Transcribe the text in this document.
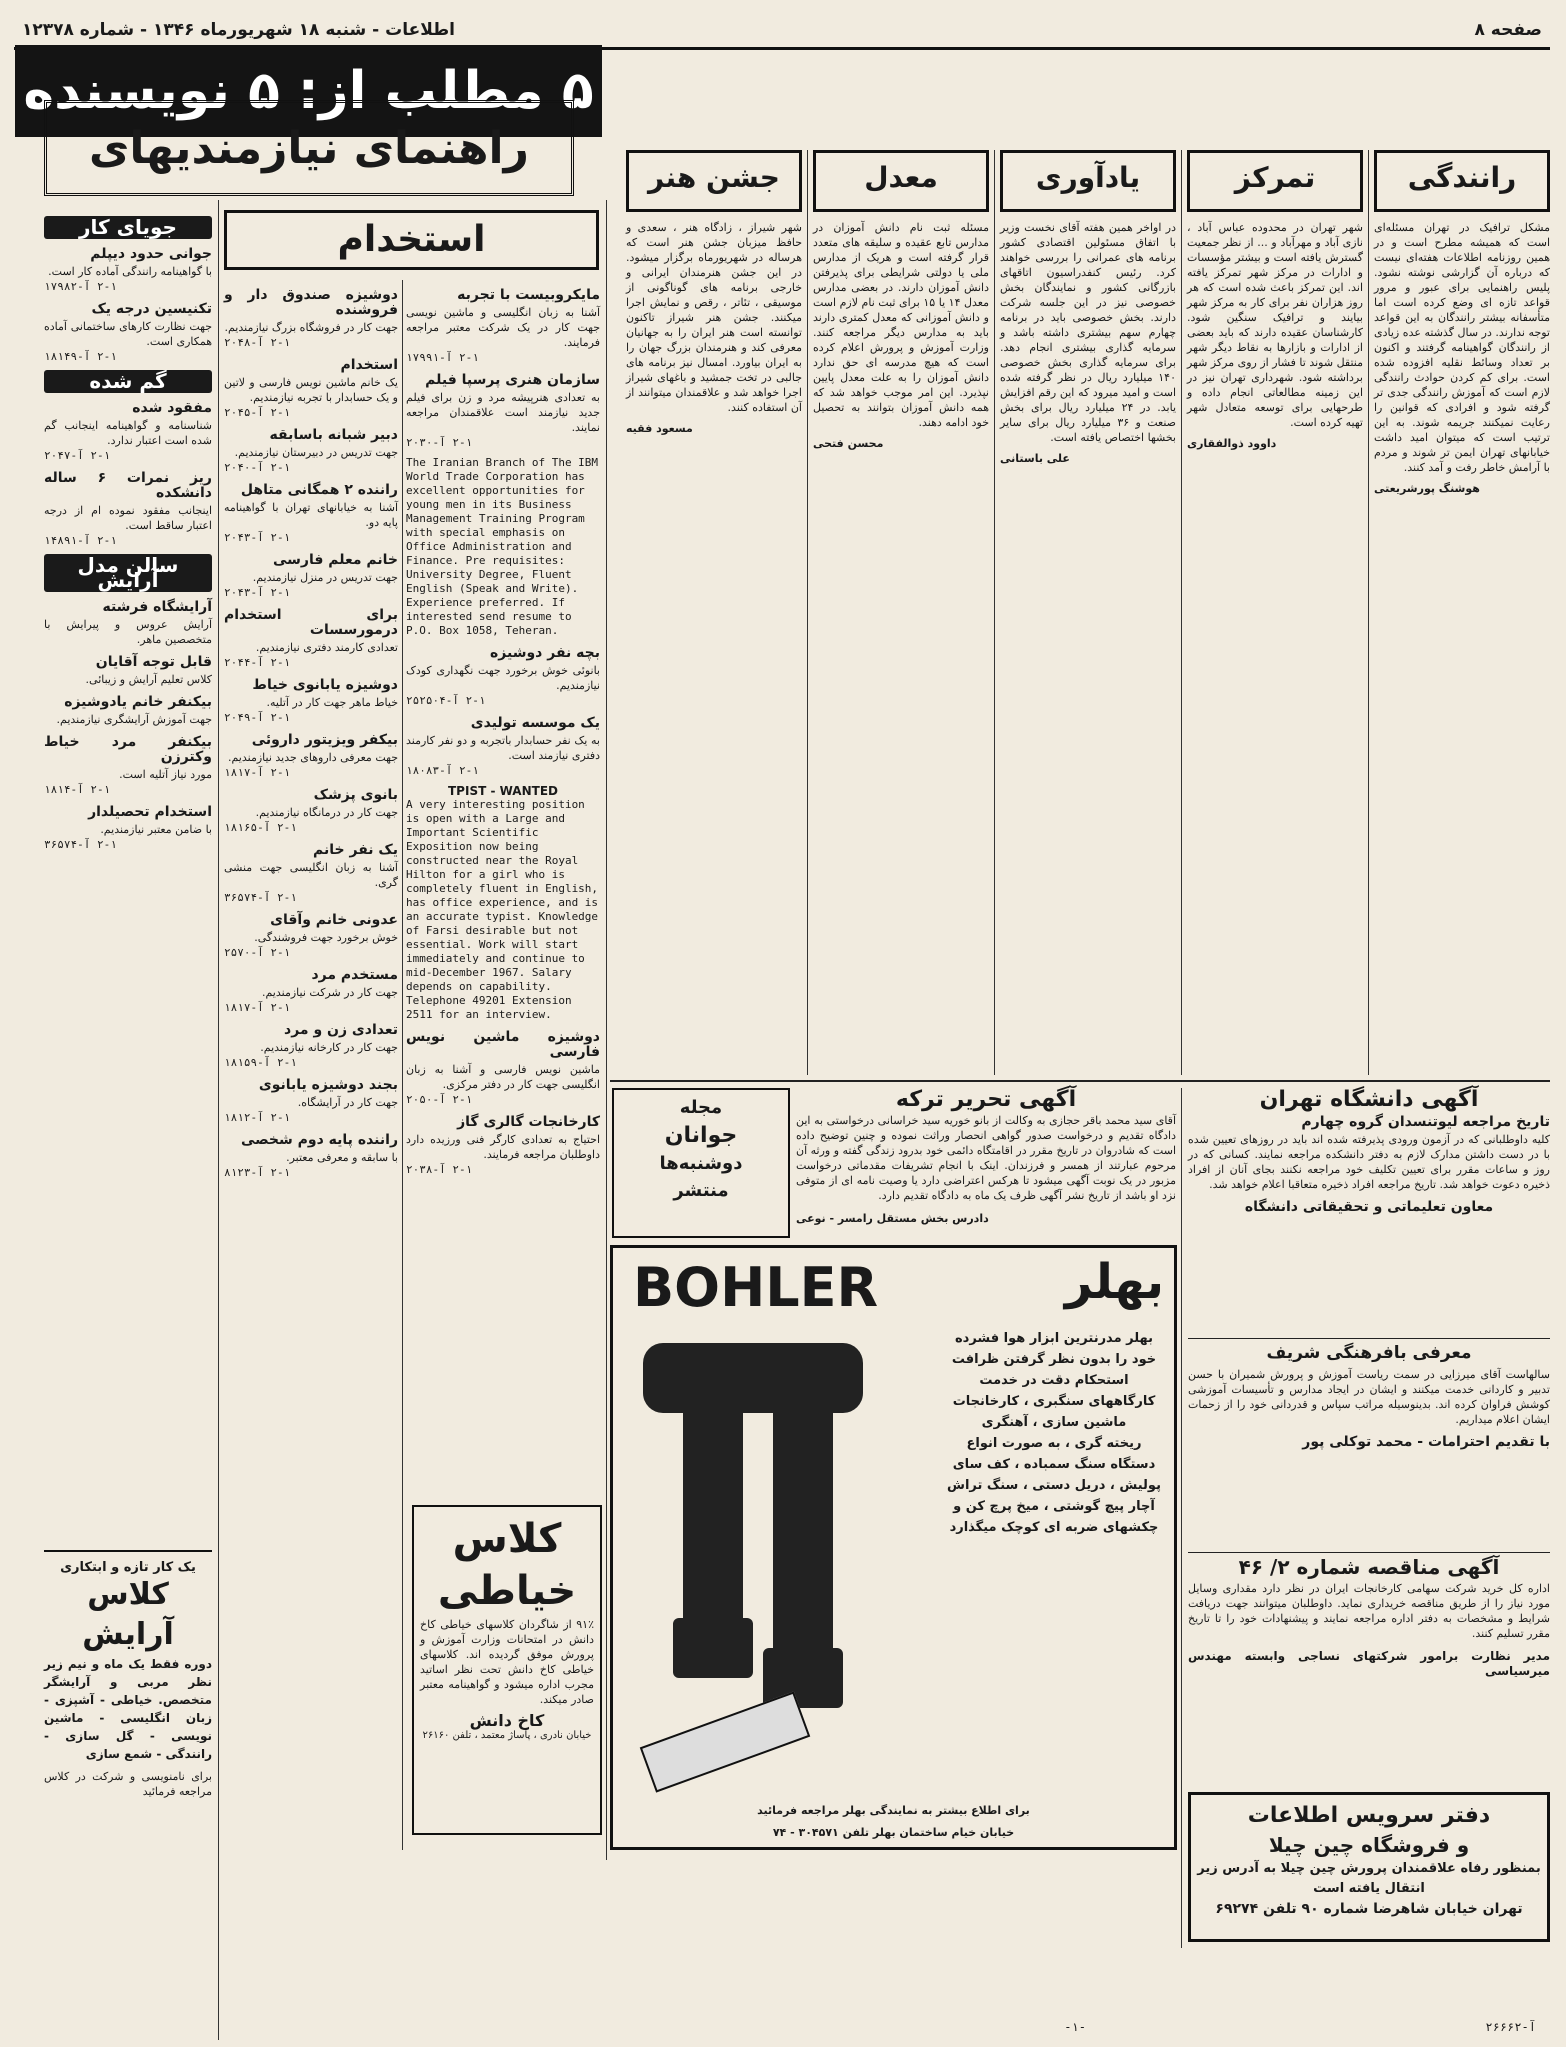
صفحه ۸
اطلاعات - شنبه ۱۸ شهریورماه ۱۳۴۶ - شماره ۱۲۳۷۸
۵ مطلب از: ۵ نویسنده
راهنمای نیازمندیهای
رانندگی
مشکل ترافیک در تهران مسئله‌ای است که همیشه مطرح است و در همین روزنامه اطلاعات هفته‌ای نیست که درباره آن گزارشی نوشته نشود. پلیس راهنمایی برای عبور و مرور قواعد تازه ای وضع کرده است اما متأسفانه بیشتر رانندگان به این قواعد توجه ندارند. در سال گذشته عده زیادی از رانندگان گواهینامه گرفتند و اکنون بر تعداد وسائط نقلیه افزوده شده است. برای کم کردن حوادث رانندگی لازم است که آموزش رانندگی جدی تر گرفته شود و افرادی که قوانین را رعایت نمیکنند جریمه شوند. به این ترتیب است که میتوان امید داشت خیابانهای تهران ایمن تر شوند و مردم با آرامش خاطر رفت و آمد کنند.
هوشنگ پورشریعتی
تمرکز
شهر تهران در محدوده عباس آباد ، نازی آباد و مهرآباد و ... از نظر جمعیت گسترش یافته است و بیشتر مؤسسات و ادارات در مرکز شهر تمرکز یافته اند. این تمرکز باعث شده است که هر روز هزاران نفر برای کار به مرکز شهر بیایند و ترافیک سنگین شود. کارشناسان عقیده دارند که باید بعضی از ادارات و بازارها به نقاط دیگر شهر منتقل شوند تا فشار از روی مرکز شهر برداشته شود. شهرداری تهران نیز در این زمینه مطالعاتی انجام داده و طرحهایی برای توسعه متعادل شهر تهیه کرده است.
داوود ذوالفقاری
یادآوری
در اواخر همین هفته آقای نخست وزیر با اتفاق مسئولین اقتصادی کشور برنامه های عمرانی را بررسی خواهند کرد. رئیس کنفدراسیون اتاقهای بازرگانی کشور و نمایندگان بخش خصوصی نیز در این جلسه شرکت دارند. بخش خصوصی باید در برنامه چهارم سهم بیشتری داشته باشد و سرمایه گذاری بیشتری انجام دهد. برای سرمایه گذاری بخش خصوصی ۱۴۰ میلیارد ریال در نظر گرفته شده است و امید میرود که این رقم افزایش یابد. در ۲۴ میلیارد ریال برای بخش صنعت و ۳۶ میلیارد ریال برای سایر بخشها اختصاص یافته است.
علی باستانی
معدل
مسئله ثبت نام دانش آموزان در مدارس تابع عقیده و سلیقه های متعدد قرار گرفته است و هریک از مدارس ملی یا دولتی شرایطی برای پذیرفتن دانش آموزان دارند. در بعضی مدارس معدل ۱۴ یا ۱۵ برای ثبت نام لازم است و دانش آموزانی که معدل کمتری دارند باید به مدارس دیگر مراجعه کنند. وزارت آموزش و پرورش اعلام کرده است که هیچ مدرسه ای حق ندارد دانش آموزان را به علت معدل پایین نپذیرد. این امر موجب خواهد شد که همه دانش آموزان بتوانند به تحصیل خود ادامه دهند.
محسن فتحی
جشن هنر
شهر شیراز ، زادگاه هنر ، سعدی و حافظ میزبان جشن هنر است که هرساله در شهریورماه برگزار میشود. در این جشن هنرمندان ایرانی و خارجی برنامه های گوناگونی از موسیقی ، تئاتر ، رقص و نمایش اجرا میکنند. جشن هنر شیراز تاکنون توانسته است هنر ایران را به جهانیان معرفی کند و هنرمندان بزرگ جهان را به ایران بیاورد. امسال نیز برنامه های جالبی در تخت جمشید و باغهای شیراز اجرا خواهد شد و علاقمندان میتوانند از آن استفاده کنند.
مسعود فقیه
آگهی دانشگاه تهران
تاریخ مراجعه لیوتنسدان گروه چهارم
کلیه داوطلبانی که در آزمون ورودی پذیرفته شده اند باید در روزهای تعیین شده با در دست داشتن مدارک لازم به دفتر دانشکده مراجعه نمایند. کسانی که در روز و ساعات مقرر برای تعیین تکلیف خود مراجعه نکنند بجای آنان از افراد ذخیره دعوت خواهد شد. تاریخ مراجعه افراد ذخیره متعاقبا اعلام خواهد شد.
معاون تعلیماتی و تحقیقاتی دانشگاه
معرفی بافرهنگی شریف
سالهاست آقای میرزایی در سمت ریاست آموزش و پرورش شمیران با حسن تدبیر و کاردانی خدمت میکنند و ایشان در ایجاد مدارس و تأسیسات آموزشی کوشش فراوان کرده اند. بدینوسیله مراتب سپاس و قدردانی خود را از زحمات ایشان اعلام میداریم.
با تقدیم احترامات - محمد توکلی پور
آگهی مناقصه شماره ۲/ ۴۶
اداره کل خرید شرکت سهامی کارخانجات ایران در نظر دارد مقداری وسایل مورد نیاز را از طریق مناقصه خریداری نماید. داوطلبان میتوانند جهت دریافت شرایط و مشخصات به دفتر اداره مراجعه نمایند و پیشنهادات خود را تا تاریخ مقرر تسلیم کنند.
مدیر نظارت برامور شرکتهای نساجی وابسته مهندس میرسیاسی
دفتر سرویس اطلاعات
و فروشگاه چین چیلا
بمنظور رفاه علاقمندان پرورش چین چیلا به آدرس زیر انتقال یافته است
تهران خیابان شاهرضا شماره ۹۰ تلفن ۶۹۲۷۴
آگهی تحریر ترکه
آقای سید محمد باقر حجازی به وکالت از بانو خوریه سید خراسانی درخواستی به این دادگاه تقدیم و درخواست صدور گواهی انحصار وراثت نموده و چنین توضیح داده است که شادروان در تاریخ مقرر در اقامتگاه دائمی خود بدرود زندگی گفته و ورثه آن مرحوم عبارتند از همسر و فرزندان. اینک با انجام تشریفات مقدماتی درخواست مزبور در یک نوبت آگهی میشود تا هرکس اعتراضی دارد یا وصیت نامه ای از متوفی نزد او باشد از تاریخ نشر آگهی ظرف یک ماه به دادگاه تقدیم دارد.
دادرس بخش مستقل رامسر - نوعی
مجله
جوانان
دوشنبه‌ها
منتشر
بهلر
BOHLER
بهلر مدرنترین ابزار هوا فشرده
خود را بدون نظر گرفتن ظرافت
استحکام دقت در خدمت
کارگاههای سنگبری ، کارخانجات
ماشین سازی ، آهنگری
ریخته گری ، به صورت انواع
دستگاه سنگ سمباده ، کف سای
پولیش ، دریل دستی ، سنگ تراش
آچار پیچ گوشتی ، میخ پرچ کن و
چکشهای ضربه ای کوچک میگذارد
برای اطلاع بیشتر به نمایندگی بهلر مراجعه فرمائید
خیابان خیام ساختمان بهلر تلفن ۳۰۴۵۷۱ - ۷۴
کلاس
خیاطی
۹۱٪ از شاگردان کلاسهای خیاطی کاخ دانش در امتحانات وزارت آموزش و پرورش موفق گردیده اند. کلاسهای خیاطی کاخ دانش تحت نظر اساتید مجرب اداره میشود و گواهینامه معتبر صادر میکند.
کاخ دانش
خیابان نادری ، پاساژ معتمد ، تلفن ۲۶۱۶۰
استخدام
مایکروبیست با تجربه
آشنا به زبان انگلیسی و ماشین نویسی جهت کار در یک شرکت معتبر مراجعه فرمایند.
۲-۱ آ-۱۷۹۹۱
سازمان هنری پرسپا فیلم
به تعدادی هنرپیشه مرد و زن برای فیلم جدید نیازمند است علاقمندان مراجعه نمایند.
۲-۱ آ-۲۰۳۰
The Iranian Branch of The IBM World Trade Corporation has excellent opportunities for young men in its Business Management Training Program with special emphasis on Office Administration and Finance. Pre requisites: University Degree, Fluent English (Speak and Write). Experience preferred. If interested send resume to P.O. Box 1058, Teheran.
بچه نفر دوشیزه
بانوئی خوش برخورد جهت نگهداری کودک نیازمندیم.
۲-۱ آ-۲۵۲۵۰۴
یک موسسه تولیدی
به یک نفر حسابدار باتجربه و دو نفر کارمند دفتری نیازمند است.
۲-۱ آ-۱۸۰۸۳
TPIST - WANTED
A very interesting position is open with a Large and Important Scientific Exposition now being constructed near the Royal Hilton for a girl who is completely fluent in English, has office experience, and is an accurate typist. Knowledge of Farsi desirable but not essential. Work will start immediately and continue to mid-December 1967. Salary depends on capability. Telephone 49201 Extension 2511 for an interview.
دوشیزه ماشین نویس فارسی
ماشین نویس فارسی و آشنا به زبان انگلیسی جهت کار در دفتر مرکزی.
۲-۱ آ-۲۰۵۰
کارخانجات گالری گاز
احتیاج به تعدادی کارگر فنی ورزیده دارد داوطلبان مراجعه فرمایند.
۲-۱ آ-۲۰۳۸
دوشیزه صندوق دار و فروشنده
جهت کار در فروشگاه بزرگ نیازمندیم.
۲-۱ آ-۲۰۴۸
استخدام
یک خانم ماشین نویس فارسی و لاتین و یک حسابدار با تجربه نیازمندیم.
۲-۱ آ-۲۰۴۵
دبیر شبانه باسابقه
جهت تدریس در دبیرستان نیازمندیم.
۲-۱ آ-۲۰۴۰
راننده ۲ همگانی متاهل
آشنا به خیابانهای تهران با گواهینامه پایه دو.
۲-۱ آ-۲۰۴۳
خانم معلم فارسی
جهت تدریس در منزل نیازمندیم.
۲-۱ آ-۲۰۴۳
برای استخدام درمورسسات
تعدادی کارمند دفتری نیازمندیم.
۲-۱ آ-۲۰۴۴
دوشیزه یابانوی خیاط
خیاط ماهر جهت کار در آتلیه.
۲-۱ آ-۲۰۴۹
بیکفر ویزیتور داروئی
جهت معرفی داروهای جدید نیازمندیم.
۲-۱ آ-۱۸۱۷
بانوی پزشک
جهت کار در درمانگاه نیازمندیم.
۲-۱ آ-۱۸۱۶۵
یک نفر خانم
آشنا به زبان انگلیسی جهت منشی گری.
۲-۱ آ-۳۶۵۷۴
عدونی خانم وآقای
خوش برخورد جهت فروشندگی.
۲-۱ آ-۲۵۷۰
مستخدم مرد
جهت کار در شرکت نیازمندیم.
۲-۱ آ-۱۸۱۷
تعدادی زن و مرد
جهت کار در کارخانه نیازمندیم.
۲-۱ آ-۱۸۱۵۹
بجند دوشیزه یابانوی
جهت کار در آرایشگاه.
۲-۱ آ-۱۸۱۲
راننده پایه دوم شخصی
با سابقه و معرفی معتبر.
۲-۱ آ-۸۱۲۳
جویای کار
جوانی حدود دیپلم
با گواهینامه رانندگی آماده کار است.
۲-۱ آ-۱۷۹۸۲
تکنیسین درجه یک
جهت نظارت کارهای ساختمانی آماده همکاری است.
۲-۱ آ-۱۸۱۴۹
گم شده
مفقود شده
شناسنامه و گواهینامه اینجانب گم شده است اعتبار ندارد.
۲-۱ آ-۲۰۴۷
ریز نمرات ۶ ساله دانشکده
اینجانب مفقود نموده ام از درجه اعتبار ساقط است.
۲-۱ آ-۱۴۸۹۱
سالن مدل آرایش
آرایشگاه فرشته
آرایش عروس و پیرایش با متخصصین ماهر.
قابل توجه آقایان
کلاس تعلیم آرایش و زیبائی.
بیکنفر خانم یادوشیزه
جهت آموزش آرایشگری نیازمندیم.
بیکنفر مرد خیاط وکترزن
مورد نیاز آتلیه است.
۲-۱ آ-۱۸۱۴
استخدام تحصیلدار
با ضامن معتبر نیازمندیم.
۲-۱ آ-۳۶۵۷۴
یک کار تازه و ابتکاری
کلاس آرایش
دوره فقط یک ماه و نیم زیر نظر مربی و آرایشگر متخصص. خیاطی - آشپزی - زبان انگلیسی - ماشین نویسی - گل سازی - رانندگی - شمع سازی
برای نامنویسی و شرکت در کلاس مراجعه فرمائید
آ-۲۶۶۶۲
-۱-
